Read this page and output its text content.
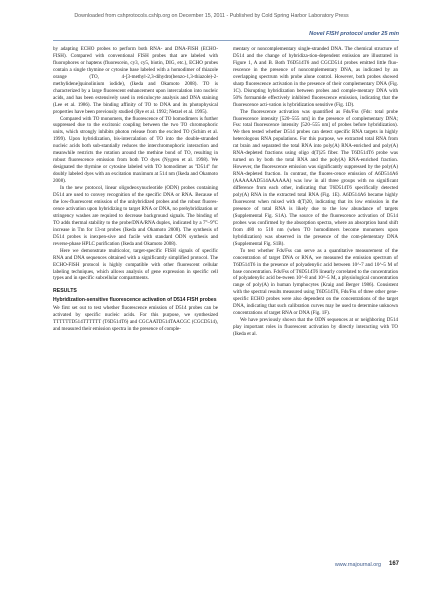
Downloaded from cshprotocols.cshlp.org on December 15, 2011 - Published by Cold Spring Harbor Laboratory Press
Novel FISH protocol under 25 min

by adapting ECHO probes to perform both RNA- and DNA-FISH (ECHO-FISH). Compared with conventional FISH probes that are labeled with fluorophores or haptens (fluorescein, cy3, cy5, biotin, DIG, etc.), ECHO probes contain a single thymine or cytosine base labeled with a homodimer of thiazole orange (TO, 4-[3-methyl-2,3-dihydro(benzo-1,3-thiazole)-2-methylidene]quinolinium iodide), (Ikeda and Okamoto 2008). TO is characterized by a large fluorescent enhancement upon intercalation into nucleic acids, and has been extensively used in reticulocyte analysis and DNA staining (Lee et al. 1986). The binding affinity of TO to DNA and its photophysical properties have been previously studied (Rye et al. 1992; Netzel et al. 1995).

Compared with TO monomers, the fluorescence of TO homodimers is further suppressed due to the excitonic coupling between the two TO chromophoric units, which strongly inhibits photon release from the excited TO (Schim et al. 1999). Upon hybridization, bis-intercalation of TO into the double-stranded nucleic acids both sub-stantially reduces the interchromophoric interaction and meanwhile restricts the rotation around the methine bond of TO, resulting in robust fluorescence emission from both TO dyes (Nygren et al. 1998). We designated the thymine or cytosine labeled with TO homodimer as "D514" for doubly labeled dyes with an excitation maximum at 514 nm (Ikeda and Okamoto 2008).

In the new protocol, linear oligodeoxynucleotide (ODN) probes containing D514 are used to convey recognition of the specific DNA or RNA. Because of the low-fluorescent emission of the unhybridized probes and the robust fluores-cence activation upon hybridizing to target RNA or DNA, no prehybridization or stringency washes are required to decrease background signals. The binding of TO adds thermal stability to the probe/DNA/RNA duplex, indicated by a 7°–9°C increase in Tm for 13-nt probes (Ikeda and Okamoto 2008). The synthesis of D514 probes is inexpen-sive and facile with standard ODN synthesis and reverse-phase HPLC purification (Ikeda and Okamoto 2008).

Here we demonstrate multicolor, target-specific FISH signals of specific RNA and DNA sequences obtained with a significantly simplified protocol. The ECHO-FISH protocol is highly compatible with other fluorescent cellular labeling techniques, which allows analysis of gene expression in specific cell types and in specific subcellular compartments.

RESULTS
Hybridization-sensitive fluorescence activation of D514 FISH probes

We first set out to test whether fluorescence emission of D514 probes can be activated by specific nucleic acids. For this purpose, we synthesized TTTTTTD514TTTTTT (T6D514T6) and CGCAATD514TAACGC (CGCD514), and measured their emission spectra in the presence of comple-

mentary or noncomplementary single-stranded DNA. The chemical structure of D514 and the change of hybridiza-tion-dependent emission are illustrated in Figure 1, A and B. Both T6D514T6 and CGCD514 probes emitted little fluo-rescence in the presence of noncomplementary DNA, as indicated by an overlapping spectrum with probe alone control. However, both probes showed sharp fluorescence activation in the presence of their complementary DNA (Fig. 1C). Disrupting hybridization between probes and comple-mentary DNA with 50% formamide effectively inhibited fluorescence emission, indicating that the fluorescence acti-vation is hybridization sensitive (Fig. 1D).

The fluorescence activation was quantified as Fds/Fss (Fds: total probe fluorescence intensity [520–555 nm] in the presence of complementary DNA; Fss: total fluorescence intensity [520–555 nm] of probes before hybridization). We then tested whether D514 probes can detect specific RNA targets in highly heterologous RNA populations. For this purpose, we extracted total RNA from rat brain and separated the total RNA into poly(A) RNA-enriched and poly(A) RNA-depleted fractions using oligo d(T)25 fiber. The T6D514T6 probe was turned on by both the total RNA and the poly(A) RNA-enriched fraction. However, the fluorescence emission was significantly suppressed by the poly(A) RNA-depleted fraction. In contrast, the fluores-cence emission of A6D514A6 (AAAAAAD514AAAAAA) was low in all three groups with no significant difference from each other, indicating that T6D514T6 specifically detected poly(A) RNA in the extracted total RNA (Fig. 1E). A6D514A6 became highly fluorescent when mixed with d(T)20, indicating that its low emission in the presence of total RNA is likely due to the low abundance of targets (Supplemental Fig. S1A). The source of the fluorescence activation of D514 probes was confirmed by the absorption spectra, where an absorption band shift from 480 to 510 nm (when TO homodimers become monomers upon hybridization) was observed in the presence of the com-plementary DNA (Supplemental Fig. S1B).

To test whether Fds/Fss can serve as a quantitative measurement of the concentration of target DNA or RNA, we measured the emission spectrum of T6D514T6 in the presence of polyadenylic acid between 10^-7 and 10^-5 M of base concentration. Fds/Fss of T6D514T6 linearly correlated to the concentration of polyadenylic acid be-tween 10^-8 and 10^-5 M, a physiological concentration range of poly(A) in human lymphocytes (Kraig and Berger 1986). Consistent with the spectral results measured using T6D514T6, Fds/Fss of three other gene-specific ECHO probes were also dependent on the concentrations of the target DNA, indicating that such calibration curves may be used to determine unknown concentrations of target RNA or DNA (Fig. 1F).

We have previously shown that the ODN sequences at or neighboring D514 play important roles in fluorescent activation by directly interacting with TO (Ikeda et al.

www.rnajournal.org 167
